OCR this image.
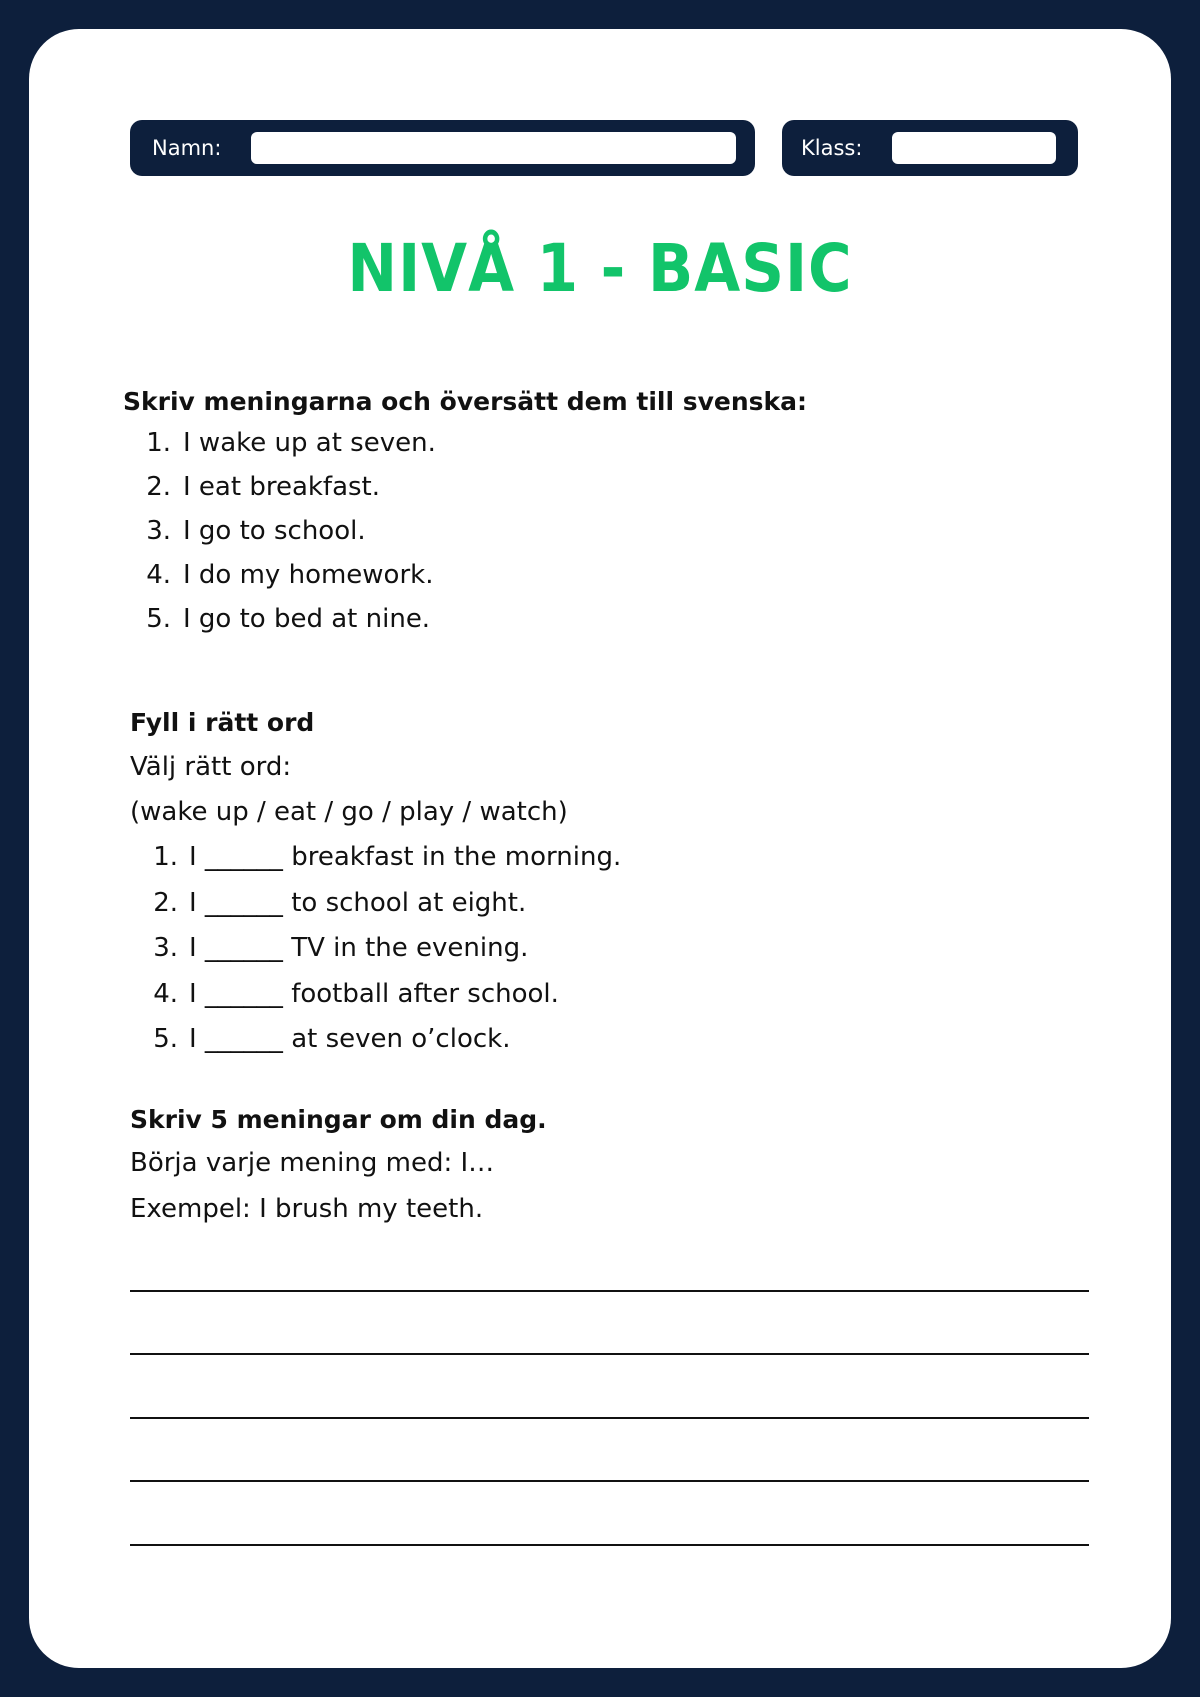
Namn:	Klass:
NIVÅ 1 - BASIC
Skriv meningarna och översätt dem till svenska:
1. I wake up at seven.
2. I eat breakfast.
3. I go to school.
4. I do my homework.
5. I go to bed at nine.
Fyll i rätt ord
Välj rätt ord:
(wake up / eat / go / play / watch)
1. I ______ breakfast in the morning.
2. I ______ to school at eight.
3. I ______ TV in the evening.
4. I ______ football after school.
5. I ______ at seven o’clock.
Skriv 5 meningar om din dag.
Börja varje mening med: I…
Exempel: I brush my teeth.
